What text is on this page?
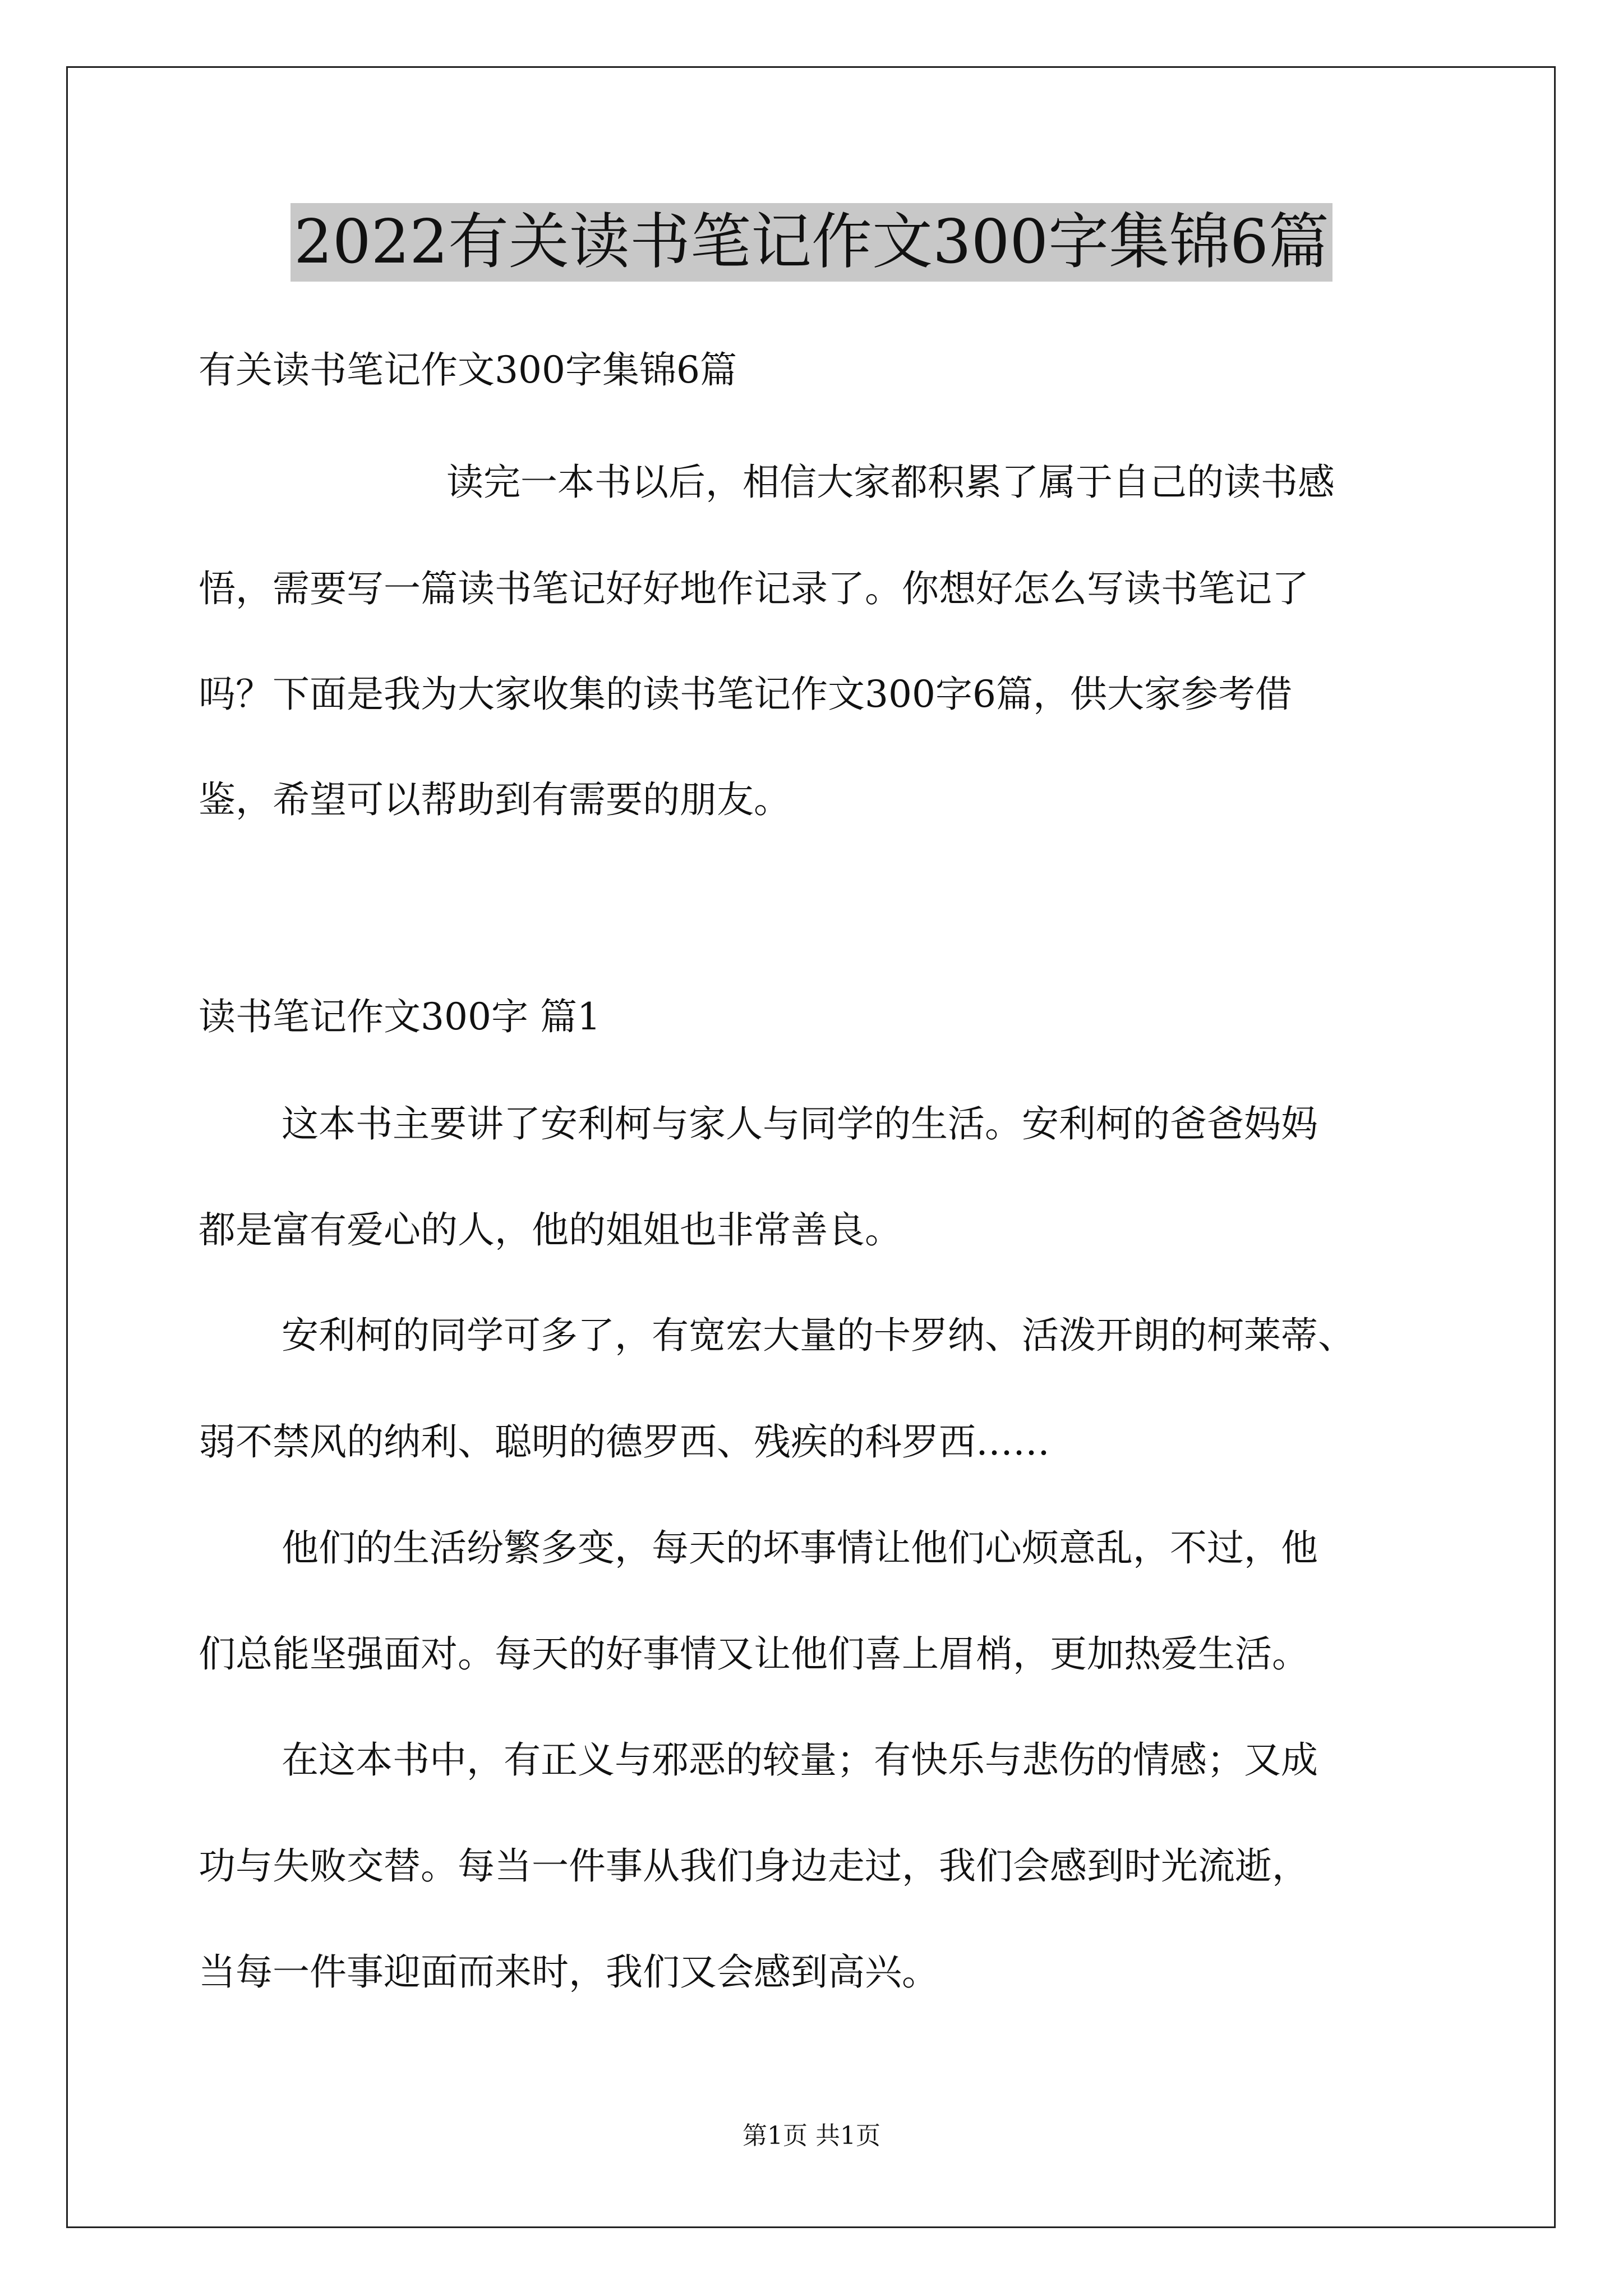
2022有关读书笔记作文300字集锦6篇
有关读书笔记作文300字集锦6篇
读完一本书以后，相信大家都积累了属于自己的读书感
悟，需要写一篇读书笔记好好地作记录了。你想好怎么写读书笔记了
吗？下面是我为大家收集的读书笔记作文300字6篇，供大家参考借
鉴，希望可以帮助到有需要的朋友。
读书笔记作文300字 篇1
这本书主要讲了安利柯与家人与同学的生活。安利柯的爸爸妈妈
都是富有爱心的人，他的姐姐也非常善良。
安利柯的同学可多了，有宽宏大量的卡罗纳、活泼开朗的柯莱蒂、
弱不禁风的纳利、聪明的德罗西、残疾的科罗西……
他们的生活纷繁多变，每天的坏事情让他们心烦意乱，不过，他
们总能坚强面对。每天的好事情又让他们喜上眉梢，更加热爱生活。
在这本书中，有正义与邪恶的较量；有快乐与悲伤的情感；又成
功与失败交替。每当一件事从我们身边走过，我们会感到时光流逝，
当每一件事迎面而来时，我们又会感到高兴。
第1页 共1页
